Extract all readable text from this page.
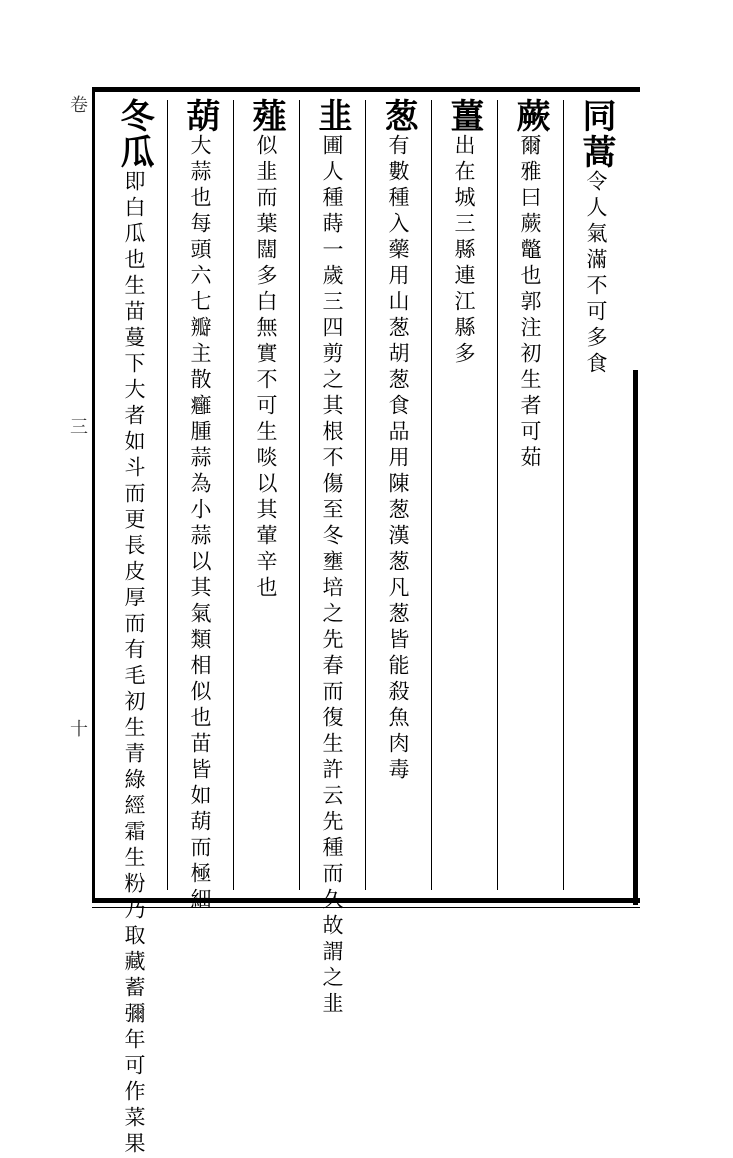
卷
三
十
同蒿
令人氣滿不可多食
蕨
爾雅曰蕨鼈也郭注初生者可茹
薑
出在城三縣連江縣多
葱
有數種入藥用山葱胡葱食品用陳葱漢葱凡葱皆能殺魚肉毒
韭
圃人種蒔一歲三四剪之其根不傷至冬壅培之先春而復生許云先種而久故謂之韭
薤
似韭而葉闊多白無實不可生啖以其葷辛也
葫
大蒜也每頭六七瓣主散癰腫蒜為小蒜以其氣類相似也苗皆如葫而極細
冬瓜
即白瓜也生苗蔓下大者如斗而更長皮厚而有毛初生青綠經霜生粉乃取藏蓄彌年可作菜果
